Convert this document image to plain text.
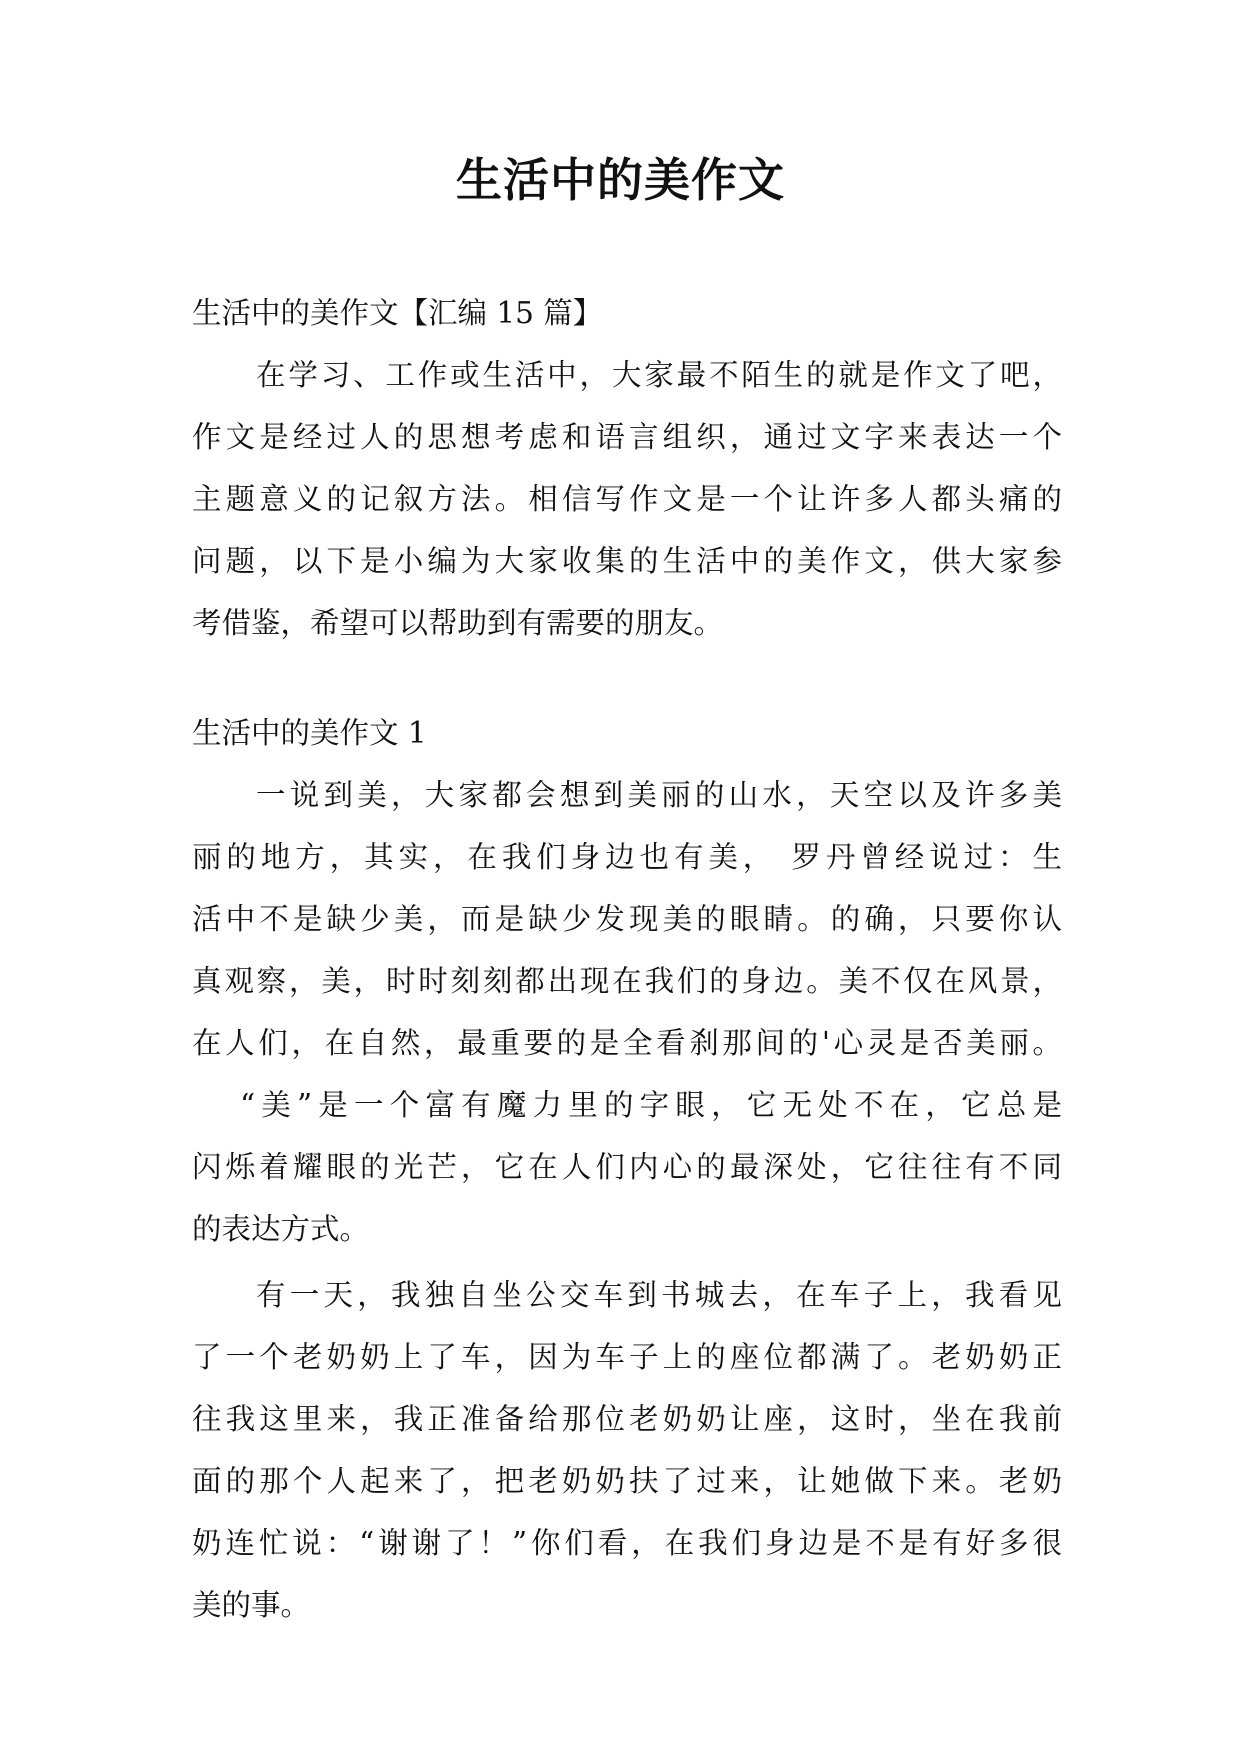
生活中的美作文
生活中的美作文【汇编 15 篇】
在学习、工作或生活中，大家最不陌生的就是作文了吧，
作文是经过人的思想考虑和语言组织，通过文字来表达一个
主题意义的记叙方法。相信写作文是一个让许多人都头痛的
问题，以下是小编为大家收集的生活中的美作文，供大家参
考借鉴，希望可以帮助到有需要的朋友。
生活中的美作文 1
一说到美，大家都会想到美丽的山水，天空以及许多美
丽的地方，其实，在我们身边也有美， 罗丹曾经说过：生
活中不是缺少美，而是缺少发现美的眼睛。的确，只要你认
真观察，美，时时刻刻都出现在我们的身边。美不仅在风景，
在人们，在自然，最重要的是全看刹那间的'心灵是否美丽。
“美”是一个富有魔力里的字眼，它无处不在，它总是
闪烁着耀眼的光芒，它在人们内心的最深处，它往往有不同
的表达方式。
有一天，我独自坐公交车到书城去，在车子上，我看见
了一个老奶奶上了车，因为车子上的座位都满了。老奶奶正
往我这里来，我正准备给那位老奶奶让座，这时，坐在我前
面的那个人起来了，把老奶奶扶了过来，让她做下来。老奶
奶连忙说：“谢谢了！”你们看，在我们身边是不是有好多很
美的事。
